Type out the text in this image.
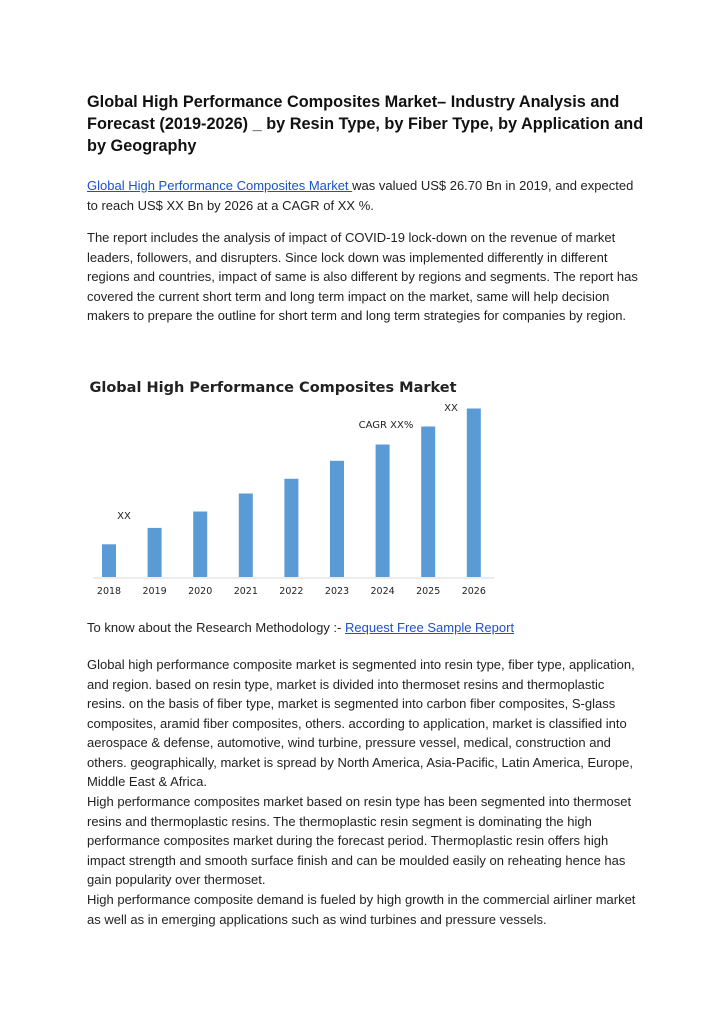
Global High Performance Composites Market– Industry Analysis and Forecast (2019-2026) _ by Resin Type, by Fiber Type, by Application and by Geography
Global High Performance Composites Market was valued US$ 26.70 Bn in 2019, and expected to reach US$ XX Bn by 2026 at a CAGR of XX %.
The report includes the analysis of impact of COVID-19 lock-down on the revenue of market leaders, followers, and disrupters. Since lock down was implemented differently in different regions and countries, impact of same is also different by regions and segments. The report has covered the current short term and long term impact on the market, same will help decision makers to prepare the outline for short term and long term strategies for companies by region.
Global High Performance Composites Market
2018 2019 2020 2021 2022 2023 2024 2025 2026
XX
XX
CAGR XX%
To know about the Research Methodology :- Request Free Sample Report
Global high performance composite market is segmented into resin type, fiber type, application, and region. based on resin type, market is divided into thermoset resins and thermoplastic resins. on the basis of fiber type, market is segmented into carbon fiber composites, S-glass composites, aramid fiber composites, others. according to application, market is classified into aerospace & defense, automotive, wind turbine, pressure vessel, medical, construction and others. geographically, market is spread by North America, Asia-Pacific, Latin America, Europe, Middle East & Africa.
High performance composites market based on resin type has been segmented into thermoset resins and thermoplastic resins. The thermoplastic resin segment is dominating the high performance composites market during the forecast period. Thermoplastic resin offers high impact strength and smooth surface finish and can be moulded easily on reheating hence has gain popularity over thermoset.
High performance composite demand is fueled by high growth in the commercial airliner market as well as in emerging applications such as wind turbines and pressure vessels.
